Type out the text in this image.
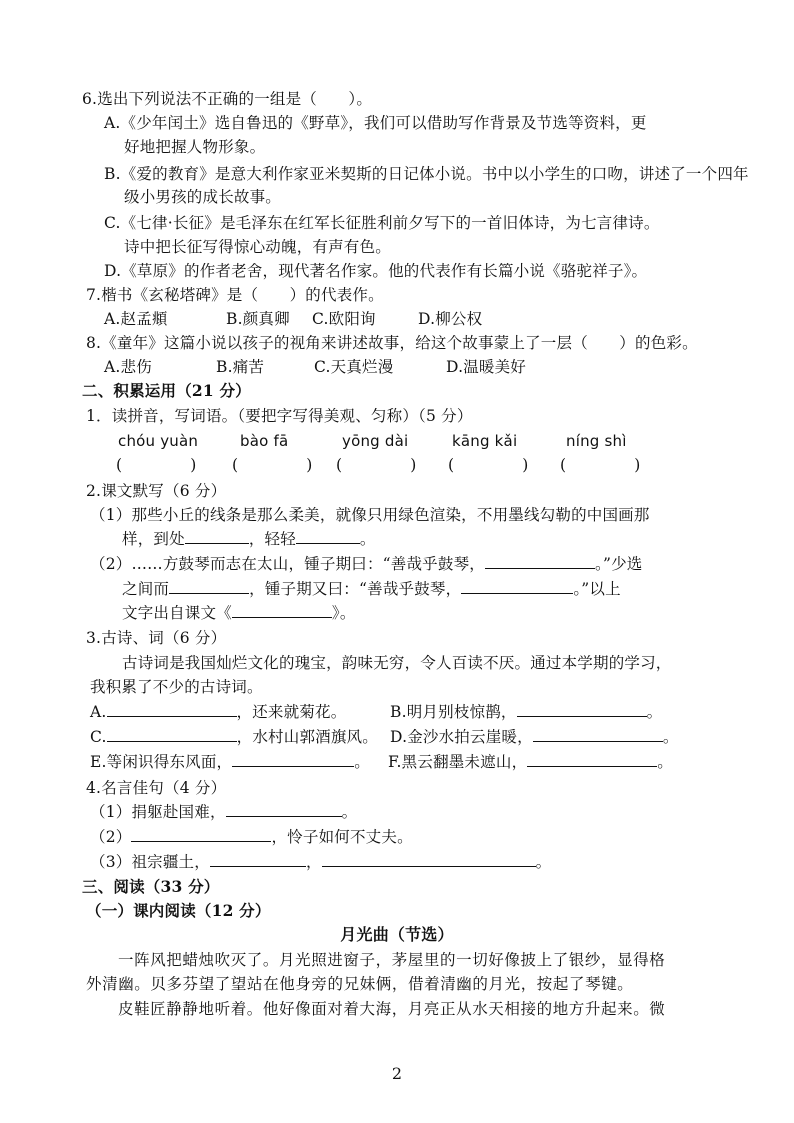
6.选出下列说法不正确的一组是（　　）。
A.《少年闰土》选自鲁迅的《野草》，我们可以借助写作背景及节选等资料，更
好地把握人物形象。
B.《爱的教育》是意大利作家亚米契斯的日记体小说。书中以小学生的口吻，讲述了一个四年
级小男孩的成长故事。
C.《七律·长征》是毛泽东在红军长征胜利前夕写下的一首旧体诗，为七言律诗。
诗中把长征写得惊心动魄，有声有色。
D.《草原》的作者老舍，现代著名作家。他的代表作有长篇小说《骆驼祥子》。
7.楷书《玄秘塔碑》是（　　）的代表作。
A.赵孟頫	B.颜真卿 C.欧阳询	D.柳公权
8.《童年》这篇小说以孩子的视角来讲述故事，给这个故事蒙上了一层（　　）的色彩。
A.悲伤	B.痛苦	C.天真烂漫	D.温暖美好
二、积累运用（21 分）
1．读拼音，写词语。（要把字写得美观、匀称）（5 分）
chóu yuàn	bào fā	yōng dài	kāng kǎi	níng shì
(	) (	) (	) (	) (	)
2.课文默写（6 分）
（1）那些小丘的线条是那么柔美，就像只用绿色渲染，不用墨线勾勒的中国画那
样，到处	，轻轻	。
（2）……方鼓琴而志在太山，锺子期曰：“善哉乎鼓琴，	。”少选
之间而	，锺子期又曰：“善哉乎鼓琴，	。”以上
文字出自课文《	》。
3.古诗、词（6 分）
古诗词是我国灿烂文化的瑰宝，韵味无穷，令人百读不厌。通过本学期的学习，
我积累了不少的古诗词。
A.	，还来就菊花。	B.明月别枝惊鹊，	。
C.	，水村山郭酒旗风。 D.金沙水拍云崖暖，	。
E.等闲识得东风面，	。 F.黑云翻墨未遮山，	。
4.名言佳句（4 分）
（1）捐躯赴国难，	。
（2）	，怜子如何不丈夫。
（3）祖宗疆土，	，	。
三、阅读（33 分）
（一）课内阅读（12 分）
月光曲（节选）
一阵风把蜡烛吹灭了。月光照进窗子，茅屋里的一切好像披上了银纱，显得格
外清幽。贝多芬望了望站在他身旁的兄妹俩，借着清幽的月光，按起了琴键。
皮鞋匠静静地听着。他好像面对着大海，月亮正从水天相接的地方升起来。微
2
